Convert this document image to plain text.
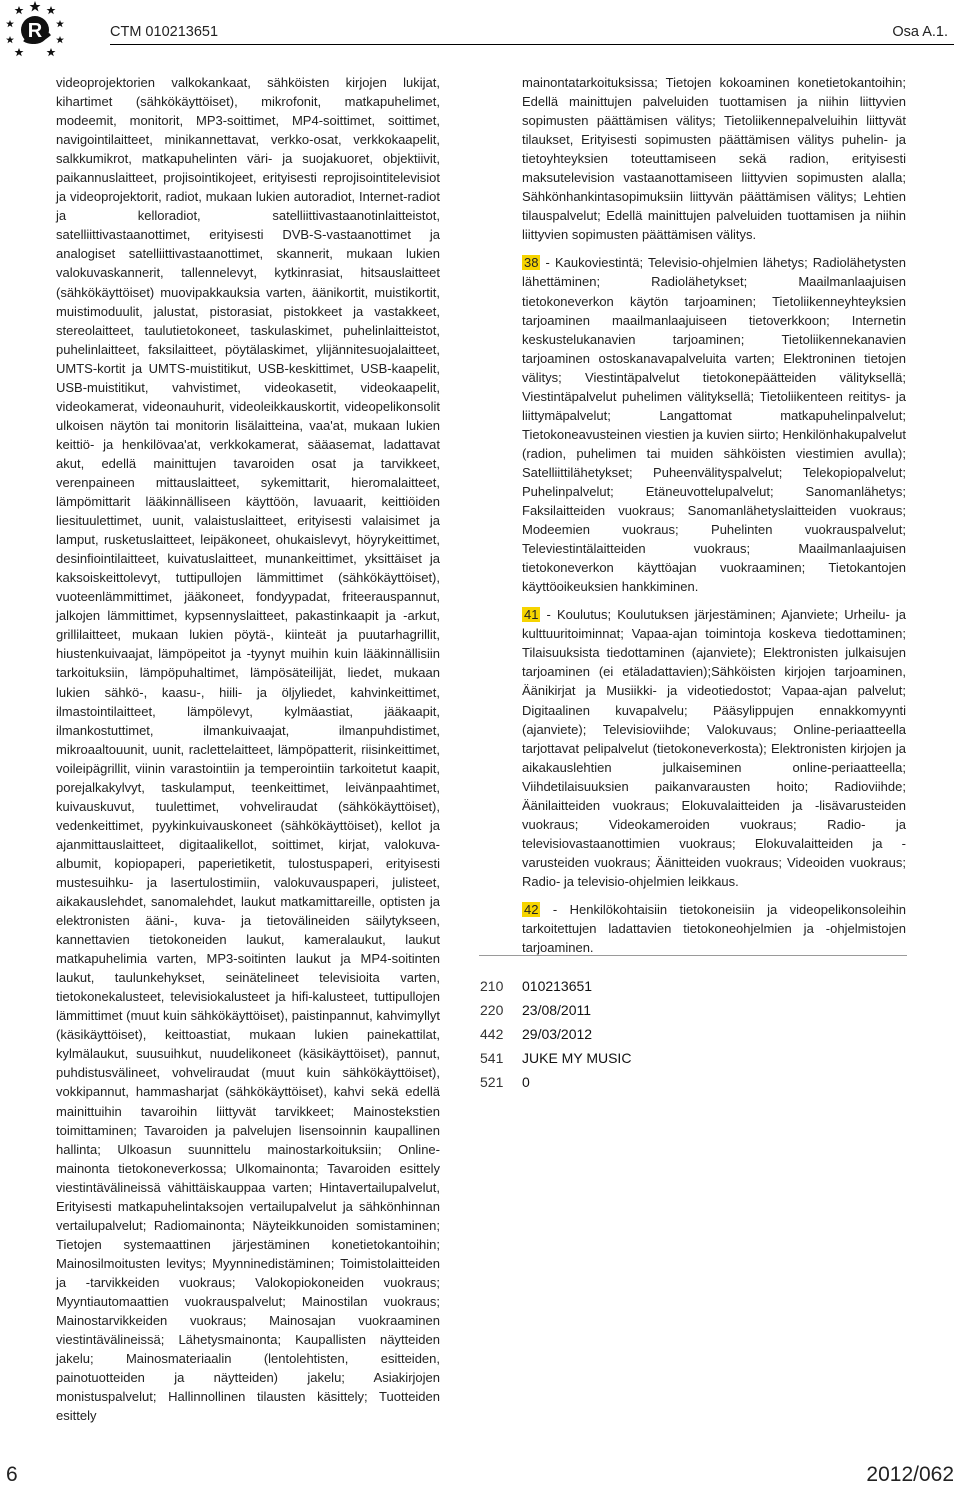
R	CTM 010213651	Osa A.1.
videoprojektorien valkokankaat, sähköisten kirjojen lukijat, kihartimet (sähkökäyttöiset), mikrofonit, matkapuhelimet, modeemit, monitorit, MP3-soittimet, MP4-soittimet, soittimet, navigointilaitteet, minikannettavat, verkko-osat, verkkokaapelit, salkkumikrot, matkapuhelinten väri- ja suojakuoret, objektiivit, paikannuslaitteet, projisointikojeet, erityisesti reprojisointitelevisiot ja videoprojektorit, radiot, mukaan lukien autoradiot, Internet-radiot ja kelloradiot, satelliittivastaanotinlaitteistot, satelliittivastaanottimet, erityisesti DVB-S-vastaanottimet ja analogiset satelliittivastaanottimet, skannerit, mukaan lukien valokuvaskannerit, tallennelevyt, kytkinrasiat, hitsauslaitteet (sähkökäyttöiset) muovipakkauksia varten, äänikortit, muistikortit, muistimoduulit, jalustat, pistorasiat, pistokkeet ja vastakkeet, stereolaitteet, taulutietokoneet, taskulaskimet, puhelinlaitteistot, puhelinlaitteet, faksilaitteet, pöytälaskimet, ylijännitesuojalaitteet, UMTS-kortit ja UMTS-muistitikut, USB-keskittimet, USB-kaapelit, USB-muistitikut, vahvistimet, videokasetit, videokaapelit, videokamerat, videonauhurit, videoleikkauskortit, videopelikonsolit ulkoisen näytön tai monitorin lisälaitteina, vaa'at, mukaan lukien keittiö- ja henkilövaa'at, verkkokamerat, sääasemat, ladattavat akut, edellä mainittujen tavaroiden osat ja tarvikkeet, verenpaineen mittauslaitteet, sykemittarit, hieromalaitteet, lämpömittarit lääkinnälliseen käyttöön, lavuaarit, keittiöiden liesituulettimet, uunit, valaistuslaitteet, erityisesti valaisimet ja lamput, rusketuslaitteet, leipäkoneet, ohukaislevyt, höyrykeittimet, desinfiointilaitteet, kuivatuslaitteet, munankeittimet, yksittäiset ja kaksoiskeittolevyt, tuttipullojen lämmittimet (sähkökäyttöiset), vuoteenlämmittimet, jääkoneet, fondyypadat, friteerauspannut, jalkojen lämmittimet, kypsennyslaitteet, pakastinkaapit ja -arkut, grillilaitteet, mukaan lukien pöytä-, kiinteät ja puutarhagrillit, hiustenkuivaajat, lämpöpeitot ja -tyynyt muihin kuin lääkinnällisiin tarkoituksiin, lämpöpuhaltimet, lämpösäteilijät, liedet, mukaan lukien sähkö-, kaasu-, hiili- ja öljyliedet, kahvinkeittimet, ilmastointilaitteet, lämpölevyt, kylmäastiat, jääkaapit, ilmankostuttimet, ilmankuivaajat, ilmanpuhdistimet, mikroaaltouunit, uunit, raclettelaitteet, lämpöpatterit, riisinkeittimet, voileipägrillit, viinin varastointiin ja temperointiin tarkoitetut kaapit, porejalkakylvyt, taskulamput, teenkeittimet, leivänpaahtimet, kuivauskuvut, tuulettimet, vohveliraudat (sähkökäyttöiset), vedenkeittimet, pyykinkuivauskoneet (sähkökäyttöiset), kellot ja ajanmittauslaitteet, digitaalikellot, soittimet, kirjat, valokuva-albumit, kopiopaperi, paperietiketit, tulostuspaperi, erityisesti mustesuihku- ja lasertulostimiin, valokuvauspaperi, julisteet, aikakauslehdet, sanomalehdet, laukut matkamittareille, optisten ja elektronisten ääni-, kuva- ja tietovälineiden säilytykseen, kannettavien tietokoneiden laukut, kameralaukut, laukut matkapuhelimia varten, MP3-soitinten laukut ja MP4-soitinten laukut, taulunkehykset, seinätelineet televisioita varten, tietokonekalusteet, televisiokalusteet ja hifi-kalusteet, tuttipullojen lämmittimet (muut kuin sähkökäyttöiset), paistinpannut, kahvimyllyt (käsikäyttöiset), keittoastiat, mukaan lukien painekattilat, kylmälaukut, suusuihkut, nuudelikoneet (käsikäyttöiset), pannut, puhdistusvälineet, vohveliraudat (muut kuin sähkökäyttöiset), vokkipannut, hammasharjat (sähkökäyttöiset), kahvi sekä edellä mainittuihin tavaroihin liittyvät tarvikkeet; Mainostekstien toimittaminen; Tavaroiden ja palvelujen lisensoinnin kaupallinen hallinta; Ulkoasun suunnittelu mainostarkoituksiin; Online-mainonta tietokoneverkossa; Ulkomainonta; Tavaroiden esittely viestintävälineissä vähittäiskauppaa varten; Hintavertailupalvelut, Erityisesti matkapuhelintaksojen vertailupalvelut ja sähkönhinnan vertailupalvelut; Radiomainonta; Näyteikkunoiden somistaminen; Tietojen systemaattinen järjestäminen konetietokantoihin; Mainosilmoitusten levitys; Myynninedistäminen; Toimistolaitteiden ja -tarvikkeiden vuokraus; Valokopiokoneiden vuokraus; Myyntiautomaattien vuokrauspalvelut; Mainostilan vuokraus; Mainostarvikkeiden vuokraus; Mainosajan vuokraaminen viestintävälineissä; Lähetysmainonta; Kaupallisten näytteiden jakelu; Mainosmateriaalin (lentolehtisten, esitteiden, painotuotteiden ja näytteiden) jakelu; Asiakirjojen monistuspalvelut; Hallinnollinen tilausten käsittely; Tuotteiden esittely

mainontatarkoituksissa; Tietojen kokoaminen konetietokantoihin; Edellä mainittujen palveluiden tuottamisen ja niihin liittyvien sopimusten päättämisen välitys; Tietoliikennepalveluihin liittyvät tilaukset, Erityisesti sopimusten päättämisen välitys puhelin- ja tietoyhteyksien toteuttamiseen sekä radion, erityisesti maksutelevision vastaanottamiseen liittyvien sopimusten alalla; Sähkönhankintasopimuksiin liittyvän päättämisen välitys; Lehtien tilauspalvelut; Edellä mainittujen palveluiden tuottamisen ja niihin liittyvien sopimusten päättämisen välitys.

38 - Kaukoviestintä; Televisio-ohjelmien lähetys; Radiolähetysten lähettäminen; Radiolähetykset; Maailmanlaajuisen tietokoneverkon käytön tarjoaminen; Tietoliikenneyhteyksien tarjoaminen maailmanlaajuiseen tietoverkkoon; Internetin keskustelukanavien tarjoaminen; Tietoliikennekanavien tarjoaminen ostoskanavapalveluita varten; Elektroninen tietojen välitys; Viestintäpalvelut tietokonepäätteiden välityksellä; Viestintäpalvelut puhelimen välityksellä; Tietoliikenteen reititys- ja liittymäpalvelut; Langattomat matkapuhelinpalvelut; Tietokoneavusteinen viestien ja kuvien siirto; Henkilönhakupalvelut (radion, puhelimen tai muiden sähköisten viestimien avulla); Satelliittilähetykset; Puheenvälityspalvelut; Telekopiopalvelut; Puhelinpalvelut; Etäneuvottelupalvelut; Sanomanlähetys; Faksilaitteiden vuokraus; Sanomanlähetyslaitteiden vuokraus; Modeemien vuokraus; Puhelinten vuokrauspalvelut; Televiestintälaitteiden vuokraus; Maailmanlaajuisen tietokoneverkon käyttöajan vuokraaminen; Tietokantojen käyttöoikeuksien hankkiminen.

41 - Koulutus; Koulutuksen järjestäminen; Ajanviete; Urheilu- ja kulttuuritoiminnat; Vapaa-ajan toimintoja koskeva tiedottaminen; Tilaisuuksista tiedottaminen (ajanviete); Elektronisten julkaisujen tarjoaminen (ei etäladattavien);Sähköisten kirjojen tarjoaminen, Äänikirjat ja Musiikki- ja videotiedostot; Vapaa-ajan palvelut; Digitaalinen kuvapalvelu; Pääsylippujen ennakkomyynti (ajanviete); Televisioviihde; Valokuvaus; Online-periaatteella tarjottavat pelipalvelut (tietokoneverkosta); Elektronisten kirjojen ja aikakauslehtien julkaiseminen online-periaatteella; Viihdetilaisuuksien paikanvarausten hoito; Radioviihde; Äänilaitteiden vuokraus; Elokuvalaitteiden ja -lisävarusteiden vuokraus; Videokameroiden vuokraus; Radio- ja televisiovastaanottimien vuokraus; Elokuvalaitteiden ja -varusteiden vuokraus; Äänitteiden vuokraus; Videoiden vuokraus; Radio- ja televisio-ohjelmien leikkaus.

42 - Henkilökohtaisiin tietokoneisiin ja videopelikonsoleihin tarkoitettujen ladattavien tietokoneohjelmien ja -ohjelmistojen tarjoaminen.

210	010213651
220	23/08/2011
442	29/03/2012
541	JUKE MY MUSIC
521	0
6	2012/062
